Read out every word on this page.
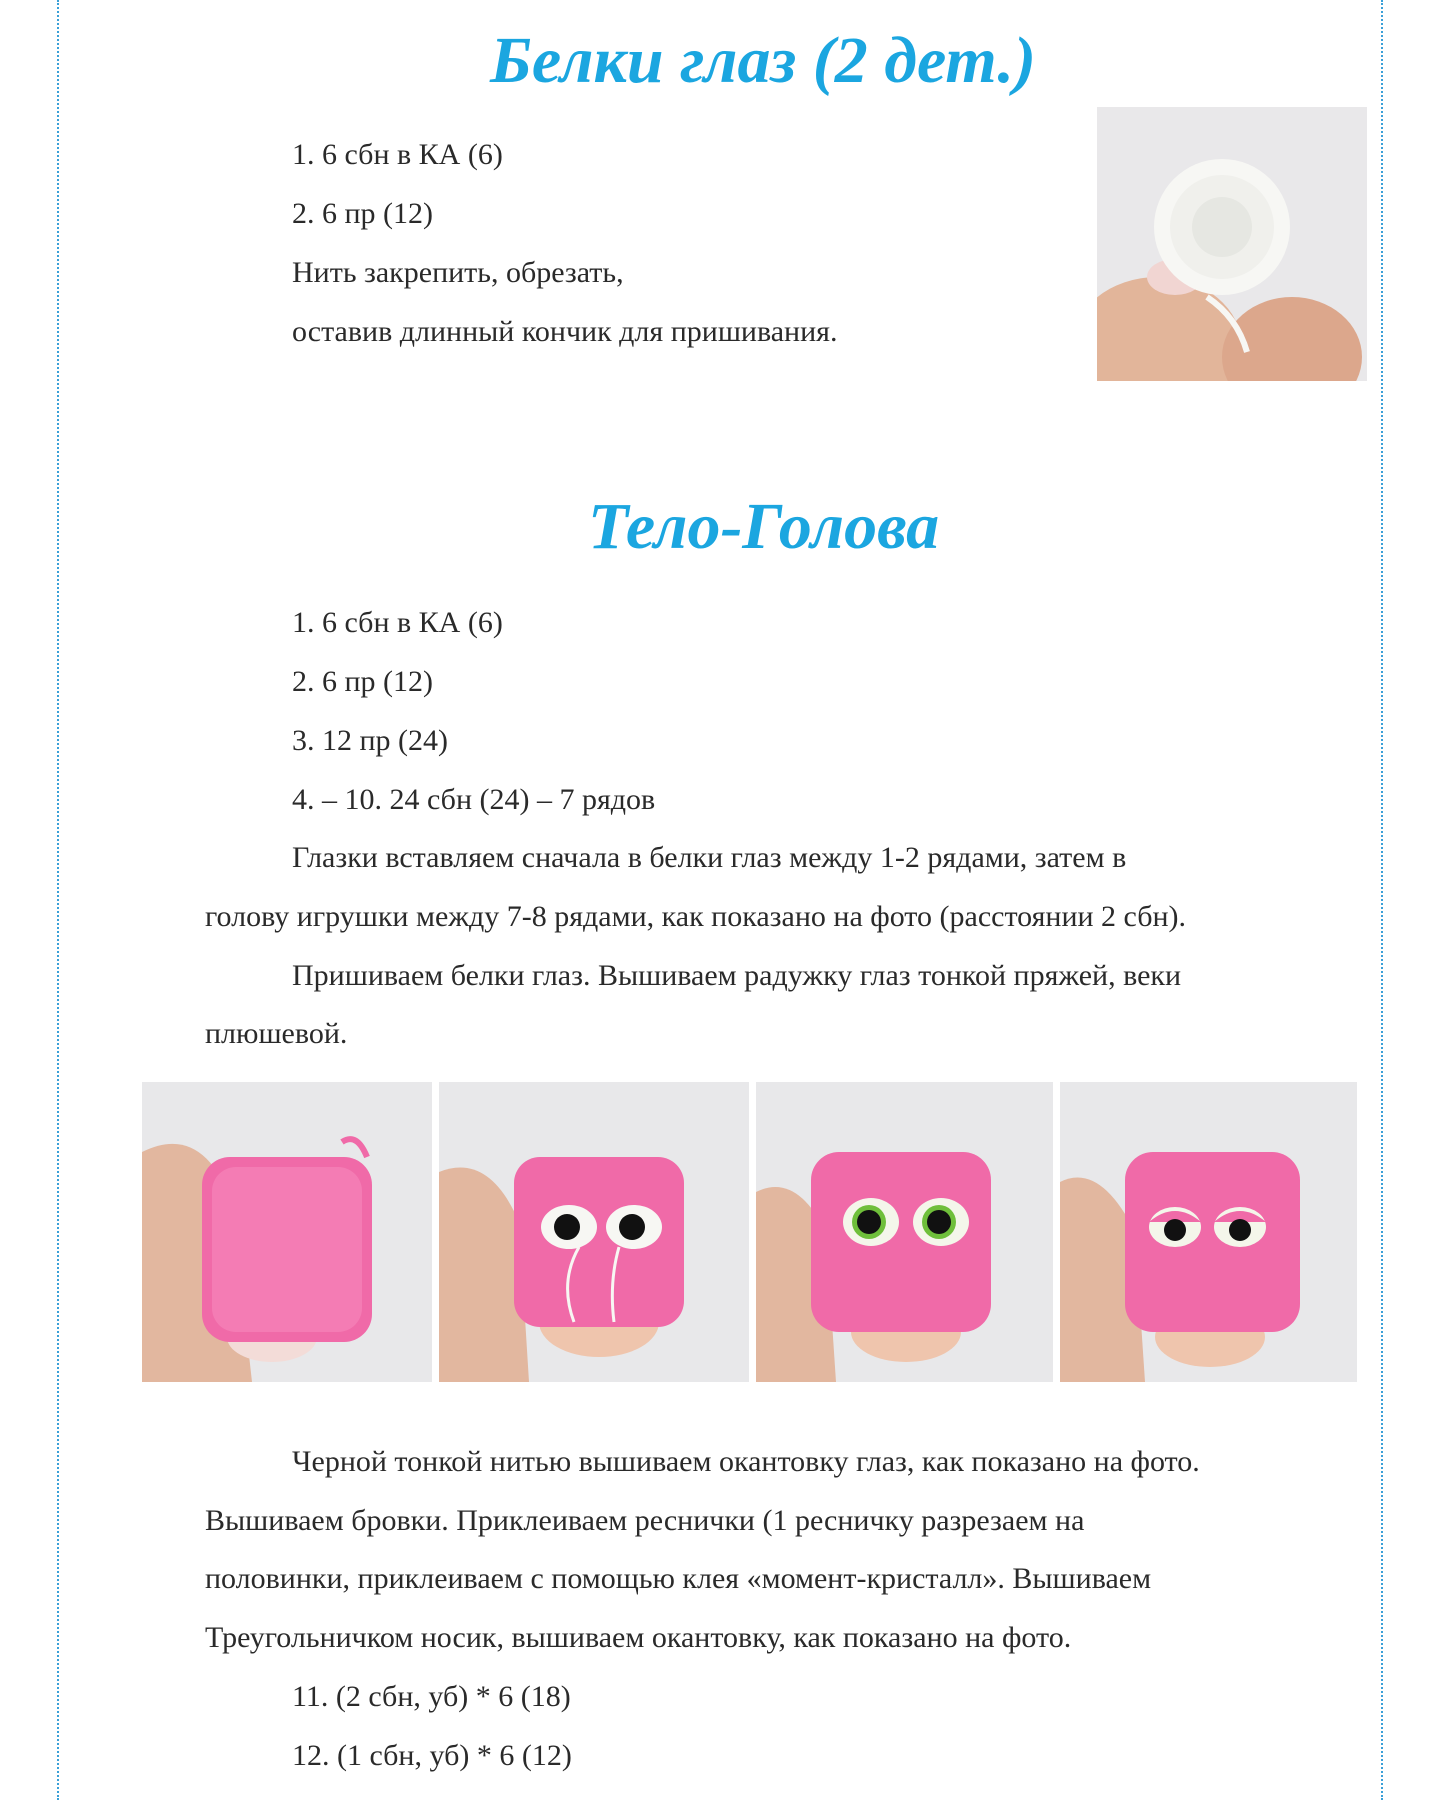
Белки глаз (2 дет.)

1. 6 сбн в КА (6)

2. 6 пр (12)

Нить закрепить, обрезать,

оставив длинный кончик для пришивания.

Тело-Голова

1. 6 сбн в КА (6)

2. 6 пр (12)

3. 12 пр (24)

4. – 10. 24 сбн (24) – 7 рядов

Глазки вставляем сначала в белки глаз между 1-2 рядами, затем в

голову игрушки между 7-8 рядами, как показано на фото (расстоянии 2 сбн).

Пришиваем белки глаз. Вышиваем радужку глаз тонкой пряжей, веки

плюшевой.

Черной тонкой нитью вышиваем окантовку глаз, как показано на фото.

Вышиваем бровки. Приклеиваем реснички (1 ресничку разрезаем на

половинки, приклеиваем с помощью клея «момент-кристалл». Вышиваем

Треугольничком носик, вышиваем окантовку, как показано на фото.

11. (2 сбн, уб) * 6 (18)

12. (1 сбн, уб) * 6 (12)
